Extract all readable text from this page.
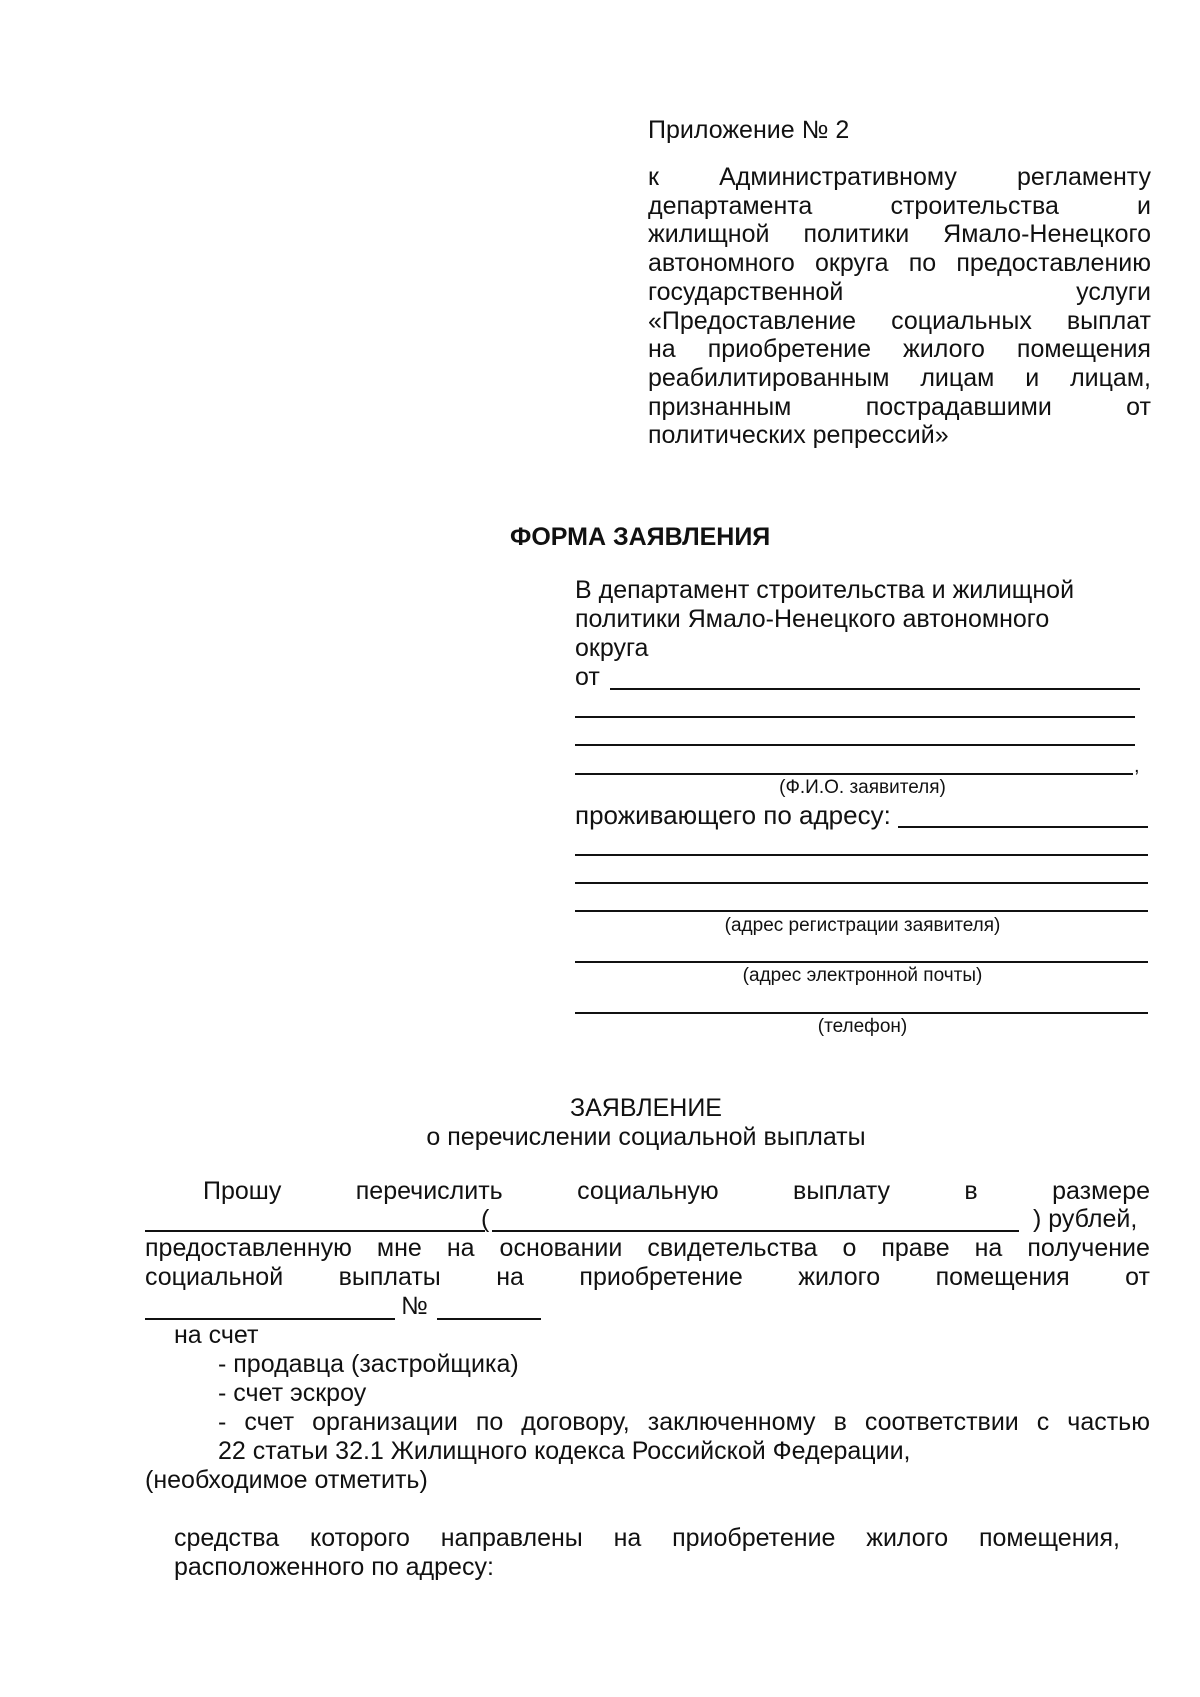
Приложение № 2
к Административному регламенту
департамента	строительства	и
жилищной политики Ямало-Ненецкого
автономного округа по предоставлению
государственной	услуги
«Предоставление социальных выплат
на приобретение жилого помещения
реабилитированным лицам и лицам,
признанным	пострадавшими	от
политических репрессий»
ФОРМА ЗАЯВЛЕНИЯ
В департамент строительства и жилищной
политики Ямало-Ненецкого автономного
округа
от
,
(Ф.И.О. заявителя)
проживающего по адресу:
(адрес регистрации заявителя)
(адрес электронной почты)
(телефон)
ЗАЯВЛЕНИЕ
о перечислении социальной выплаты
Прошу	перечислить	социальную	выплату	в	размере
(	) рублей,
предоставленную мне на основании свидетельства о праве на получение
социальной выплаты на приобретение жилого помещения от
№
на счет
- продавца (застройщика)
- счет эскроу
- счет организации по договору, заключенному в соответствии с частью
22 статьи 32.1 Жилищного кодекса Российской Федерации,
(необходимое отметить)
средства которого направлены на приобретение жилого помещения,
расположенного по адресу:
